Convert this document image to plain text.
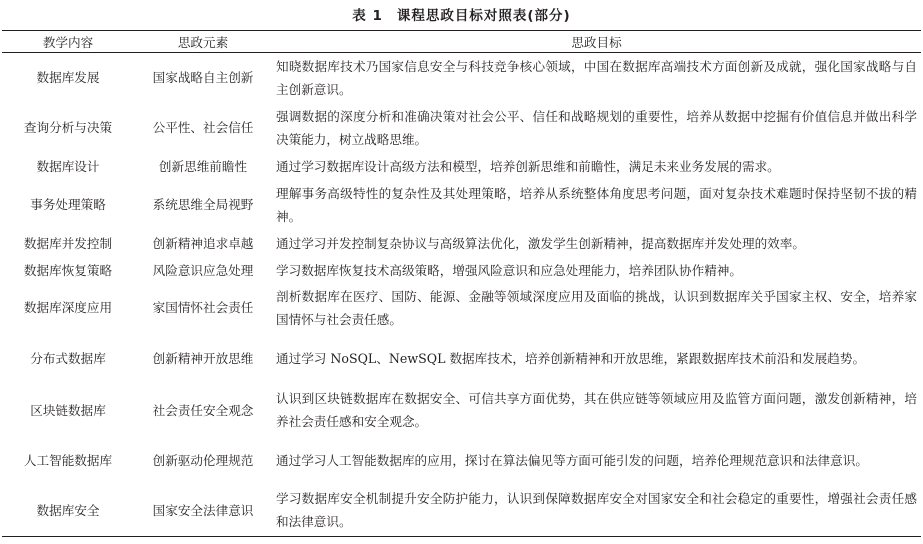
表 1 课程思政目标对照表(部分)
教学内容	思政元素	思政目标
数据库发展	国家战略自主创新	知晓数据库技术乃国家信息安全与科技竞争核心领域，中国在数据库高端技术方面创新及成就，强化国家战略与自主创新意识。
查询分析与决策	公平性、社会信任	强调数据的深度分析和准确决策对社会公平、信任和战略规划的重要性，培养从数据中挖掘有价值信息并做出科学决策能力，树立战略思维。
数据库设计	创新思维前瞻性	通过学习数据库设计高级方法和模型，培养创新思维和前瞻性，满足未来业务发展的需求。
事务处理策略	系统思维全局视野	理解事务高级特性的复杂性及其处理策略，培养从系统整体角度思考问题，面对复杂技术难题时保持坚韧不拔的精神。
数据库并发控制	创新精神追求卓越	通过学习并发控制复杂协议与高级算法优化，激发学生创新精神，提高数据库并发处理的效率。
数据库恢复策略	风险意识应急处理	学习数据库恢复技术高级策略，增强风险意识和应急处理能力，培养团队协作精神。
数据库深度应用	家国情怀社会责任	剖析数据库在医疗、国防、能源、金融等领域深度应用及面临的挑战，认识到数据库关乎国家主权、安全，培养家国情怀与社会责任感。
分布式数据库	创新精神开放思维	通过学习 NoSQL、NewSQL 数据库技术，培养创新精神和开放思维，紧跟数据库技术前沿和发展趋势。
区块链数据库	社会责任安全观念	认识到区块链数据库在数据安全、可信共享方面优势，其在供应链等领域应用及监管方面问题，激发创新精神，培养社会责任感和安全观念。
人工智能数据库	创新驱动伦理规范	通过学习人工智能数据库的应用，探讨在算法偏见等方面可能引发的问题，培养伦理规范意识和法律意识。
数据库安全	国家安全法律意识	学习数据库安全机制提升安全防护能力，认识到保障数据库安全对国家安全和社会稳定的重要性，增强社会责任感和法律意识。
